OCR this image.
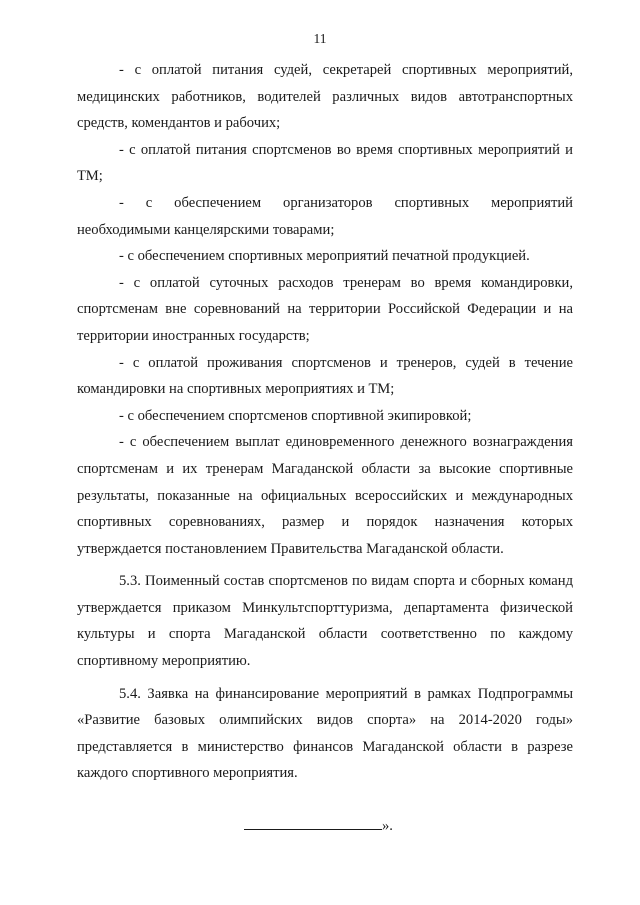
11

- с оплатой питания судей, секретарей спортивных мероприятий, медицинских работников, водителей различных видов автотранспортных средств, комендантов и рабочих;

- с оплатой питания спортсменов во время спортивных мероприятий и ТМ;

- с обеспечением организаторов спортивных мероприятий необходимыми канцелярскими товарами;

- с обеспечением спортивных мероприятий печатной продукцией.

- с оплатой суточных расходов тренерам во время командировки, спортсменам вне соревнований на территории Российской Федерации и на территории иностранных государств;

- с оплатой проживания спортсменов и тренеров, судей в течение командировки на спортивных мероприятиях и ТМ;

- с обеспечением спортсменов спортивной экипировкой;

- с обеспечением выплат единовременного денежного вознаграждения спортсменам и их тренерам Магаданской области за высокие спортивные результаты, показанные на официальных всероссийских и международных спортивных соревнованиях, размер и порядок назначения которых утверждается постановлением Правительства Магаданской области.

5.3. Поименный состав спортсменов по видам спорта и сборных команд утверждается приказом Минкультспорттуризма, департамента физической культуры и спорта Магаданской области соответственно по каждому спортивному мероприятию.

5.4. Заявка на финансирование мероприятий в рамках Подпрограммы «Развитие базовых олимпийских видов спорта» на 2014-2020 годы» представляется в министерство финансов Магаданской области в разрезе каждого спортивного мероприятия.

».
